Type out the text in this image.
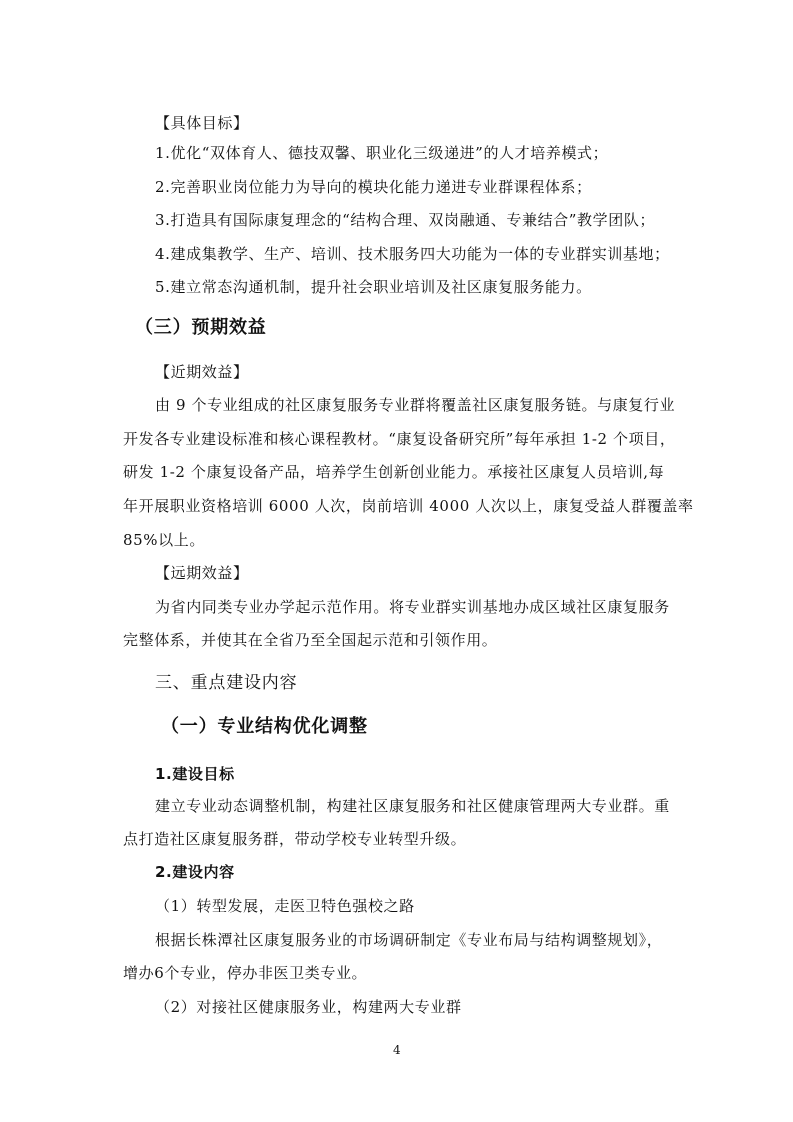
【具体目标】
1.优化“双体育人、德技双馨、职业化三级递进”的人才培养模式；
2.完善职业岗位能力为导向的模块化能力递进专业群课程体系；
3.打造具有国际康复理念的“结构合理、双岗融通、专兼结合”教学团队；
4.建成集教学、生产、培训、技术服务四大功能为一体的专业群实训基地；
5.建立常态沟通机制，提升社会职业培训及社区康复服务能力。
（三）预期效益
【近期效益】
由 9 个专业组成的社区康复服务专业群将覆盖社区康复服务链。与康复行业
开发各专业建设标准和核心课程教材。“康复设备研究所”每年承担 1-2 个项目，
研发 1-2 个康复设备产品，培养学生创新创业能力。承接社区康复人员培训,每
年开展职业资格培训 6000 人次，岗前培训 4000 人次以上，康复受益人群覆盖率
85%以上。
【远期效益】
为省内同类专业办学起示范作用。将专业群实训基地办成区域社区康复服务
完整体系，并使其在全省乃至全国起示范和引领作用。
三、重点建设内容
（一）专业结构优化调整
1.建设目标
建立专业动态调整机制，构建社区康复服务和社区健康管理两大专业群。重
点打造社区康复服务群，带动学校专业转型升级。
2.建设内容
（1）转型发展，走医卫特色强校之路
根据长株潭社区康复服务业的市场调研制定《专业布局与结构调整规划》，
增办6个专业，停办非医卫类专业。
（2）对接社区健康服务业，构建两大专业群
4
